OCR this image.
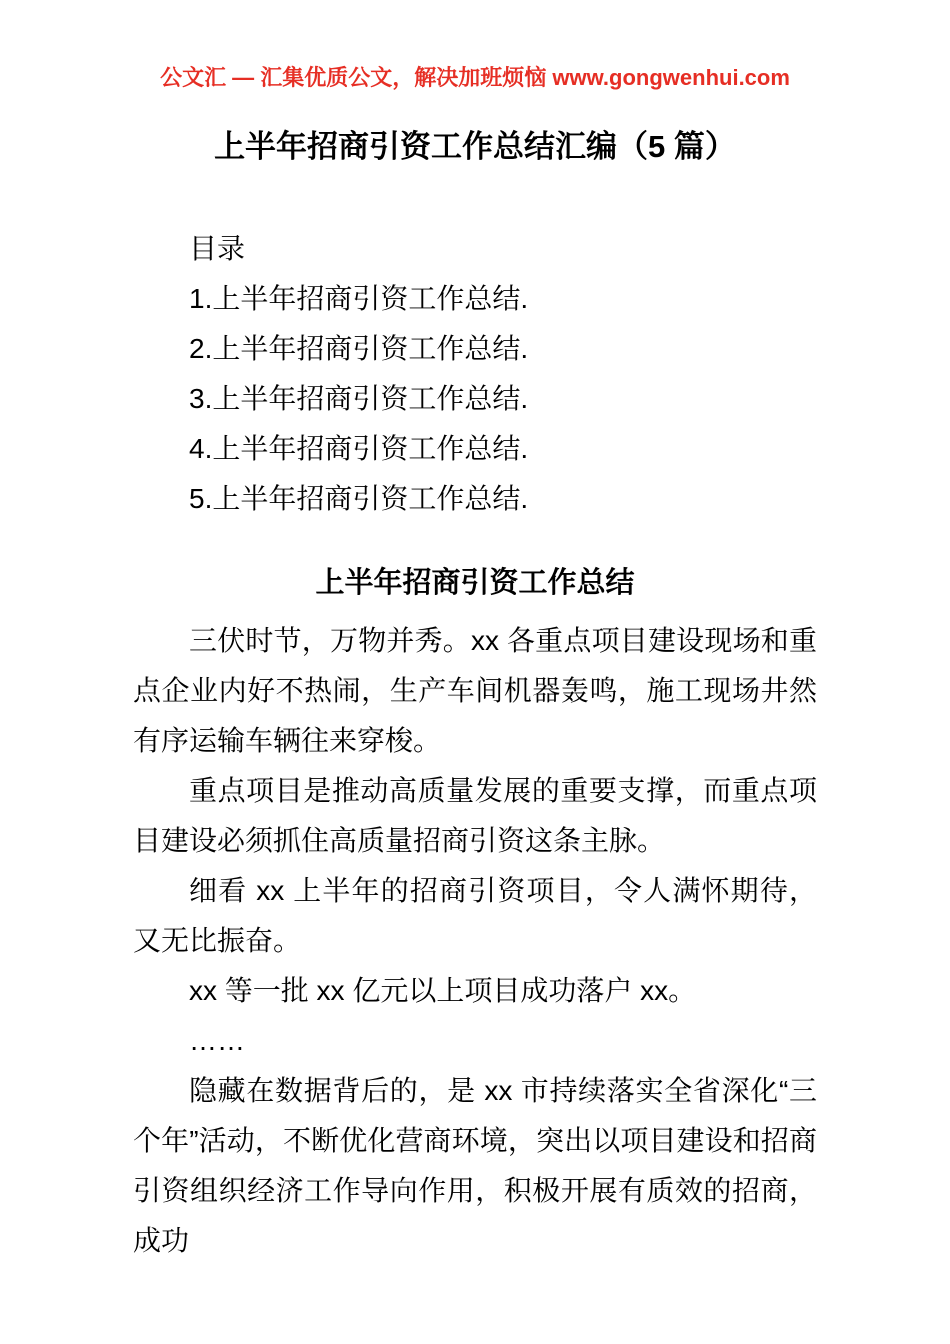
公文汇 — 汇集优质公文，解决加班烦恼 www.gongwenhui.com
上半年招商引资工作总结汇编（5 篇）

目录

1.上半年招商引资工作总结.

2.上半年招商引资工作总结.

3.上半年招商引资工作总结.

4.上半年招商引资工作总结.

5.上半年招商引资工作总结.

上半年招商引资工作总结

三伏时节，万物并秀。xx 各重点项目建设现场和重点企业内好不热闹，生产车间机器轰鸣，施工现场井然有序运输车辆往来穿梭。

重点项目是推动高质量发展的重要支撑，而重点项目建设必须抓住高质量招商引资这条主脉。

细看 xx 上半年的招商引资项目，令人满怀期待，又无比振奋。

xx 等一批 xx 亿元以上项目成功落户 xx。

……

隐藏在数据背后的，是 xx 市持续落实全省深化“三个年”活动，不断优化营商环境，突出以项目建设和招商引资组织经济工作导向作用，积极开展有质效的招商，成功
